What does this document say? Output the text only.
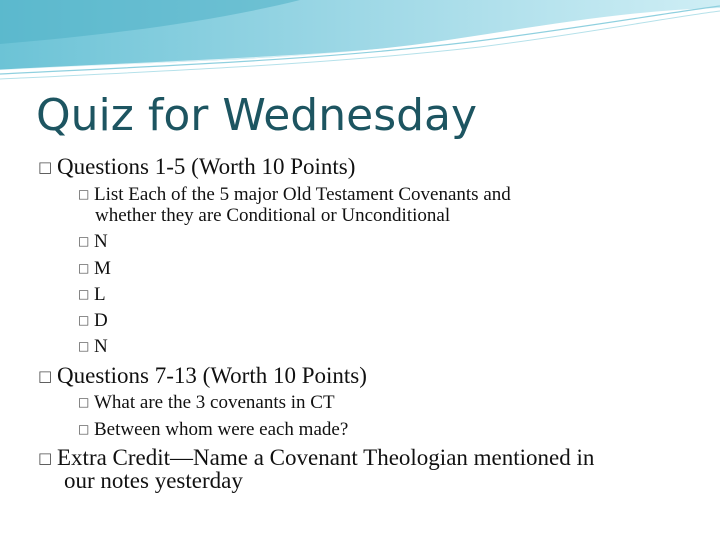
Quiz for Wednesday
□ Questions 1-5 (Worth 10 Points)
□ List Each of the 5 major Old Testament Covenants and
whether they are Conditional or Unconditional
□ N
□ M
□ L
□ D
□ N
□ Questions 7-13 (Worth 10 Points)
□ What are the 3 covenants in CT
□ Between whom were each made?
□ Extra Credit—Name a Covenant Theologian mentioned in
our notes yesterday
